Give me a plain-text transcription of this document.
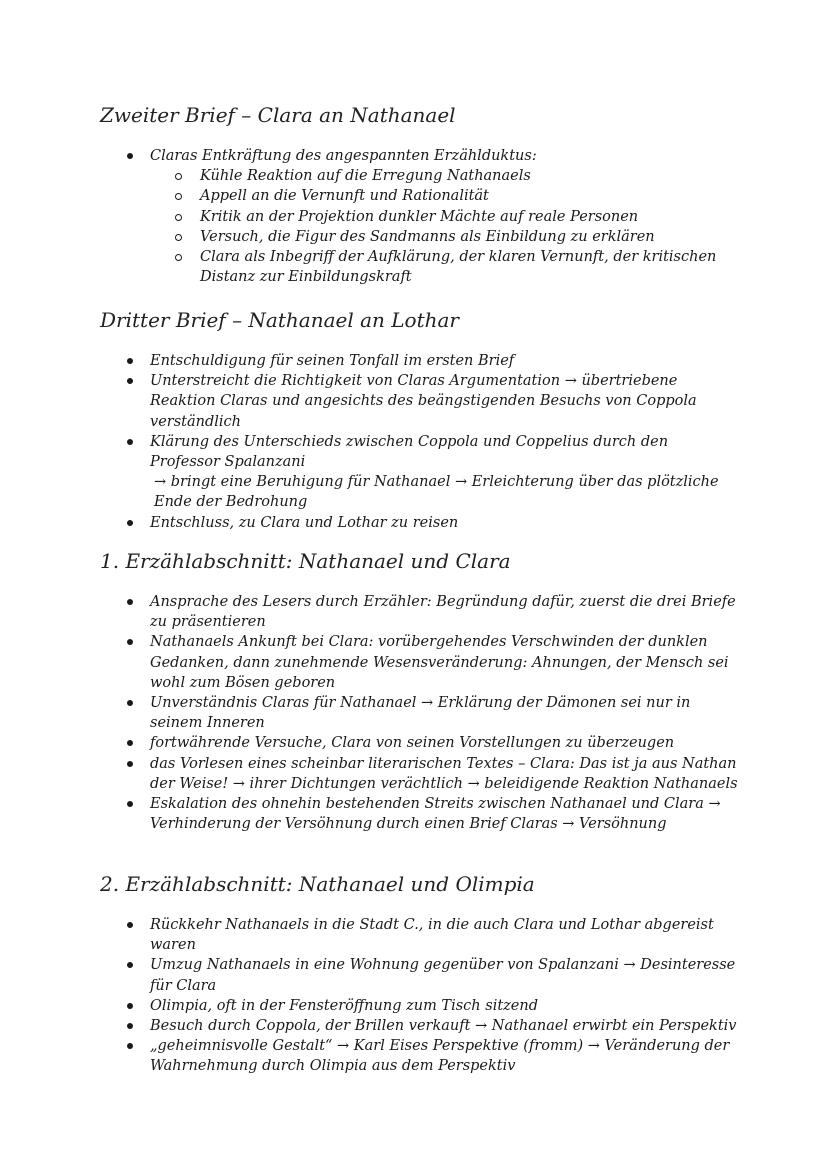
Zweiter Brief – Clara an Nathanael
Claras Entkräftung des angespannten Erzählduktus:
Kühle Reaktion auf die Erregung Nathanaels
Appell an die Vernunft und Rationalität
Kritik an der Projektion dunkler Mächte auf reale Personen
Versuch, die Figur des Sandmanns als Einbildung zu erklären
Clara als Inbegriff der Aufklärung, der klaren Vernunft, der kritischen Distanz zur Einbildungskraft
Dritter Brief – Nathanael an Lothar
Entschuldigung für seinen Tonfall im ersten Brief
Unterstreicht die Richtigkeit von Claras Argumentation → übertriebene Reaktion Claras und angesichts des beängstigenden Besuchs von Coppola verständlich
Klärung des Unterschieds zwischen Coppola und Coppelius durch den Professor Spalanzani
→ bringt eine Beruhigung für Nathanael → Erleichterung über das plötzliche Ende der Bedrohung
Entschluss, zu Clara und Lothar zu reisen
1. Erzählabschnitt: Nathanael und Clara
Ansprache des Lesers durch Erzähler: Begründung dafür, zuerst die drei Briefe zu präsentieren
Nathanaels Ankunft bei Clara: vorübergehendes Verschwinden der dunklen Gedanken, dann zunehmende Wesensveränderung: Ahnungen, der Mensch sei wohl zum Bösen geboren
Unverständnis Claras für Nathanael → Erklärung der Dämonen sei nur in seinem Inneren
fortwährende Versuche, Clara von seinen Vorstellungen zu überzeugen
das Vorlesen eines scheinbar literarischen Textes – Clara: Das ist ja aus Nathan der Weise! → ihrer Dichtungen verächtlich → beleidigende Reaktion Nathanaels
Eskalation des ohnehin bestehenden Streits zwischen Nathanael und Clara → Verhinderung der Versöhnung durch einen Brief Claras → Versöhnung
2. Erzählabschnitt: Nathanael und Olimpia
Rückkehr Nathanaels in die Stadt C., in die auch Clara und Lothar abgereist waren
Umzug Nathanaels in eine Wohnung gegenüber von Spalanzani → Desinteresse für Clara
Olimpia, oft in der Fensteröffnung zum Tisch sitzend
Besuch durch Coppola, der Brillen verkauft → Nathanael erwirbt ein Perspektiv
„geheimnisvolle Gestalt“ → Karl Eises Perspektive (fromm) → Veränderung der Wahrnehmung durch Olimpia aus dem Perspektiv
